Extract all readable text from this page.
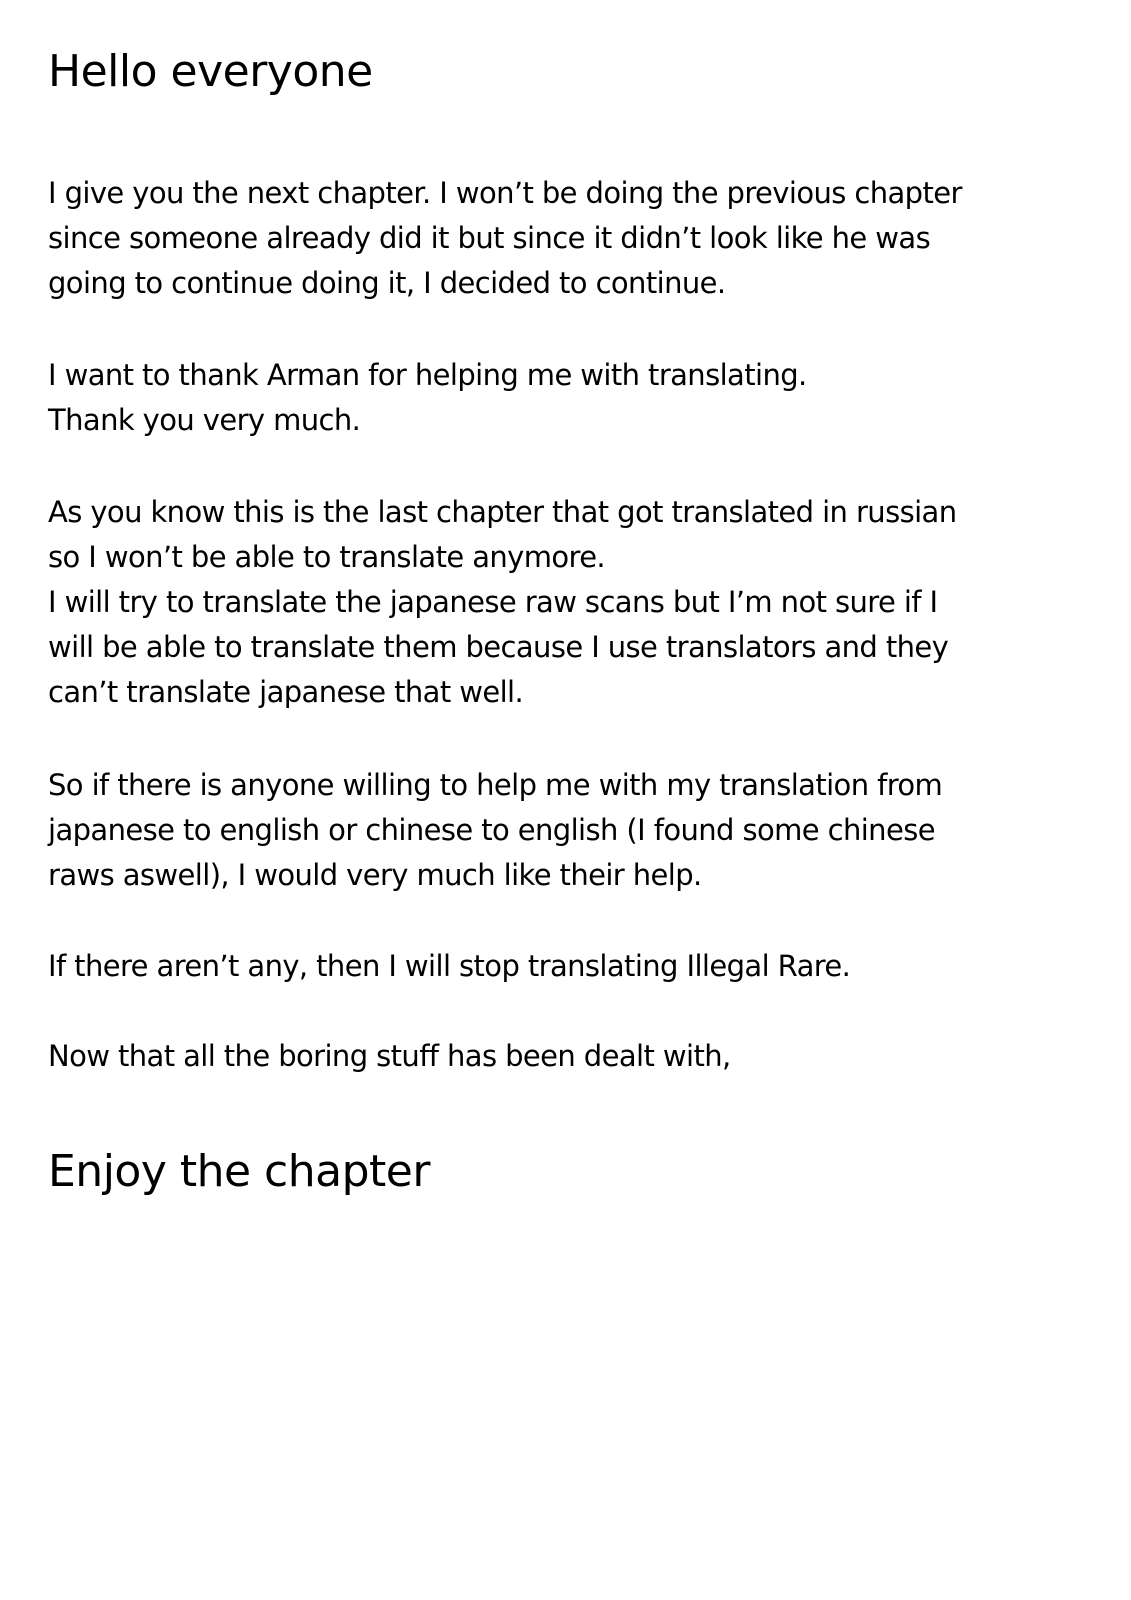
Hello everyone

I give you the next chapter. I won’t be doing the previous chapter
since someone already did it but since it didn’t look like he was
going to continue doing it, I decided to continue.

I want to thank Arman for helping me with translating.
Thank you very much.

As you know this is the last chapter that got translated in russian
so I won’t be able to translate anymore.
I will try to translate the japanese raw scans but I’m not sure if I
will be able to translate them because I use translators and they
can’t translate japanese that well.

So if there is anyone willing to help me with my translation from
japanese to english or chinese to english (I found some chinese
raws aswell), I would very much like their help.

If there aren’t any, then I will stop translating Illegal Rare.

Now that all the boring stuff has been dealt with,

Enjoy the chapter
